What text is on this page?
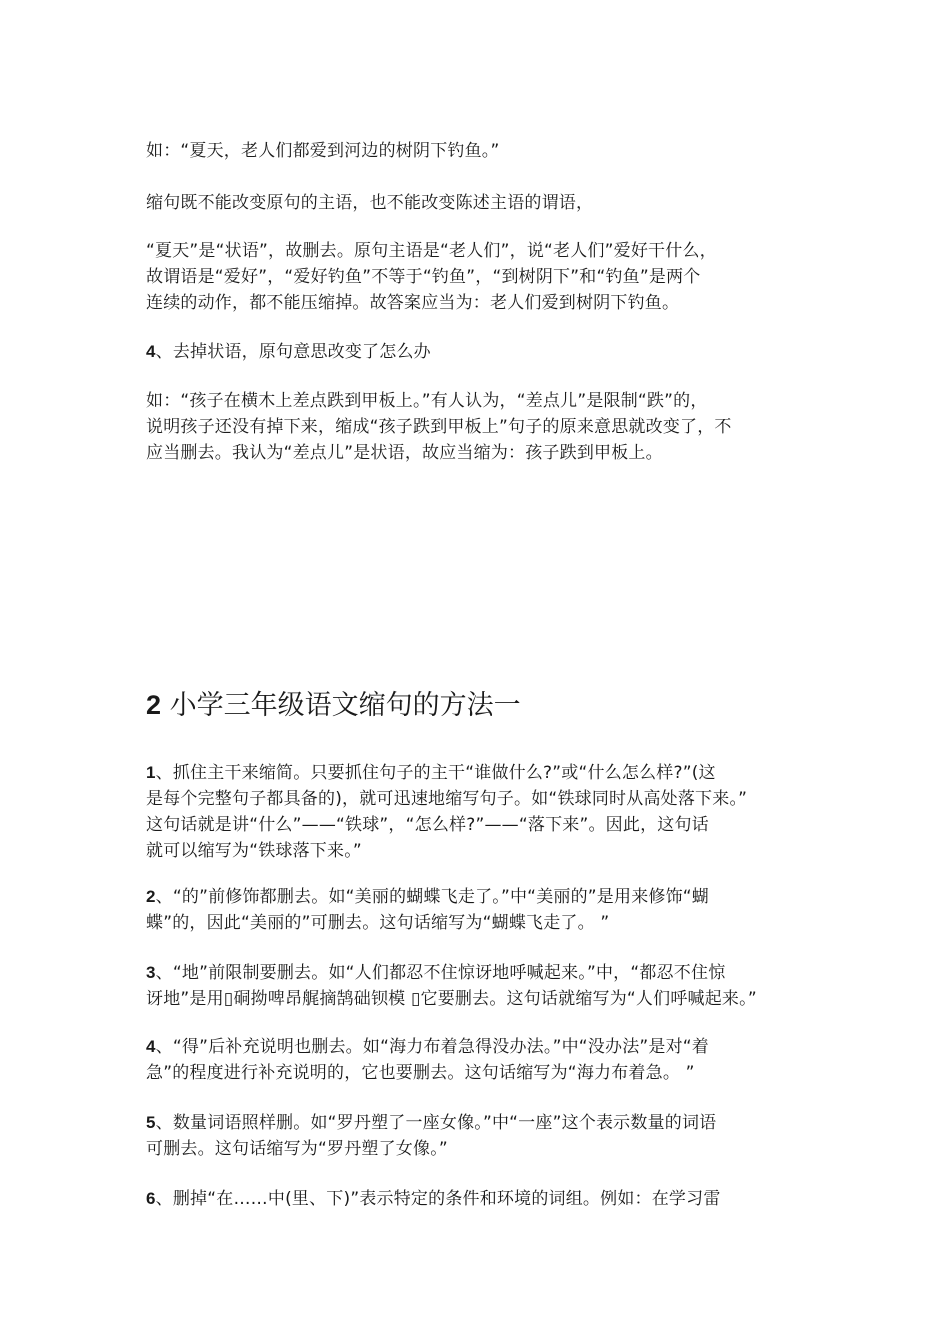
如：“夏天，老人们都爱到河边的树阴下钓鱼。”

缩句既不能改变原句的主语，也不能改变陈述主语的谓语，

“夏天”是“状语”，故删去。原句主语是“老人们”，说“老人们”爱好干什么，
故谓语是“爱好”，“爱好钓鱼”不等于“钓鱼”，“到树阴下”和“钓鱼”是两个
连续的动作，都不能压缩掉。故答案应当为：老人们爱到树阴下钓鱼。

4、去掉状语，原句意思改变了怎么办

如：“孩子在横木上差点跌到甲板上。”有人认为，“差点儿”是限制“跌”的，
说明孩子还没有掉下来，缩成“孩子跌到甲板上”句子的原来意思就改变了，不
应当删去。我认为“差点儿”是状语，故应当缩为：孩子跌到甲板上。

2 小学三年级语文缩句的方法一

1、抓住主干来缩简。只要抓住句子的主干“谁做什么?”或“什么怎么样?”(这
是每个完整句子都具备的)，就可迅速地缩写句子。如“铁球同时从高处落下来。”
这句话就是讲“什么”——“铁球”，“怎么样?”——“落下来”。因此，这句话
就可以缩写为“铁球落下来。”

2、“的”前修饰都删去。如“美丽的蝴蝶飞走了。”中“美丽的”是用来修饰“蝴
蝶”的，因此“美丽的”可删去。这句话缩写为“蝴蝶飞走了。 ”

3、“地”前限制要删去。如“人们都忍不住惊讶地呼喊起来。”中，“都忍不住惊
讶地”是用▯硐拗啤昂艉摘鹄础钡模 ▯它要删去。这句话就缩写为“人们呼喊起来。”

4、“得”后补充说明也删去。如“海力布着急得没办法。”中“没办法”是对“着
急”的程度进行补充说明的，它也要删去。这句话缩写为“海力布着急。 ”

5、数量词语照样删。如“罗丹塑了一座女像。”中“一座”这个表示数量的词语
可删去。这句话缩写为“罗丹塑了女像。”

6、删掉“在……中(里、下)”表示特定的条件和环境的词组。例如：在学习雷
